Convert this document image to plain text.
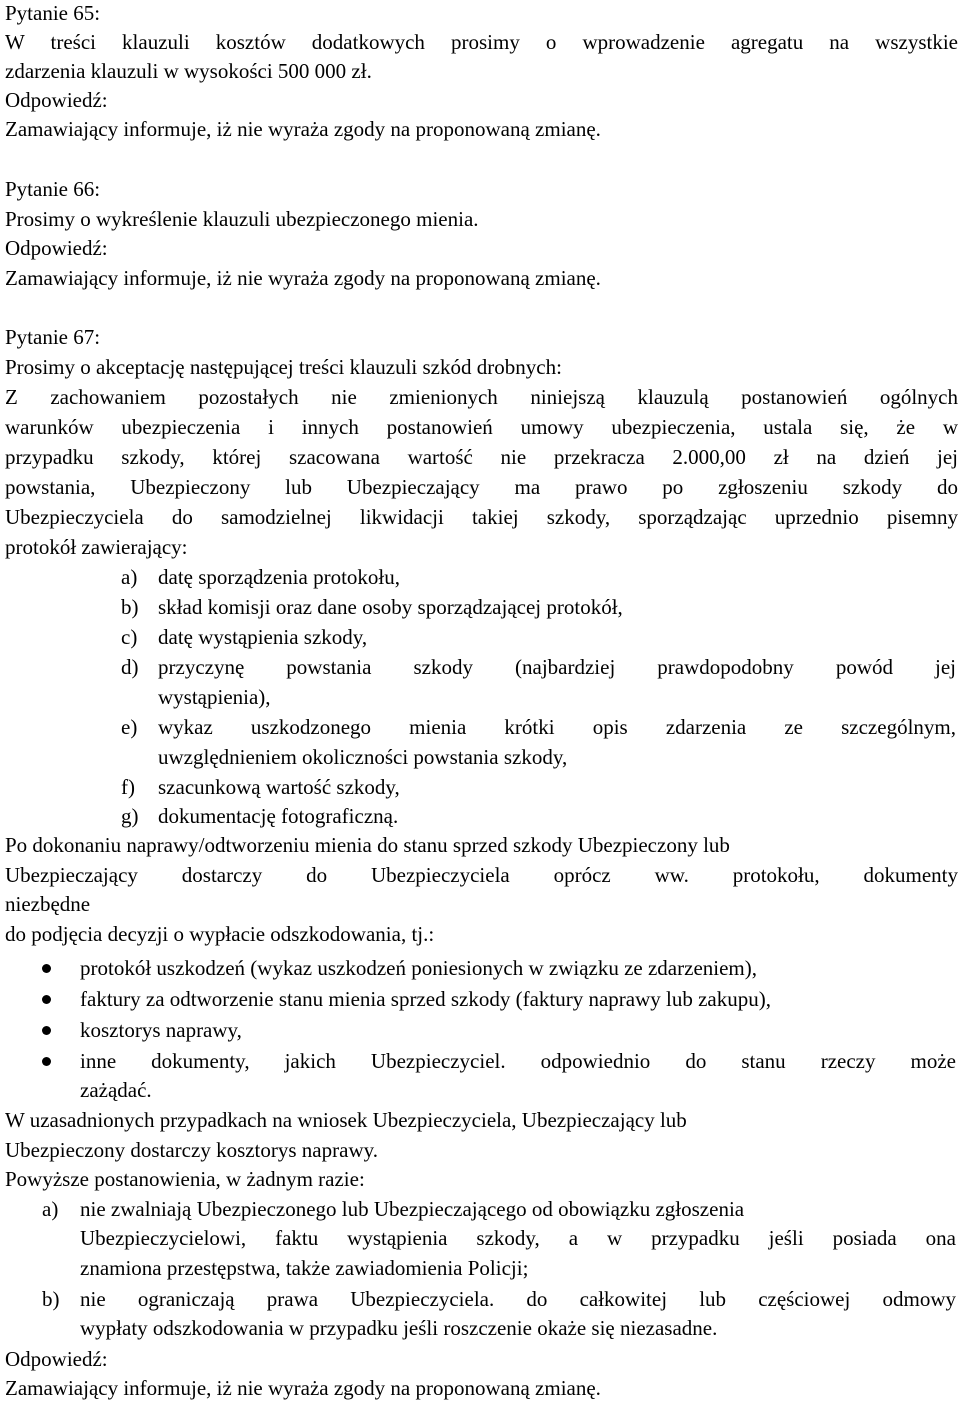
Pytanie 65:
W treści klauzuli kosztów dodatkowych prosimy o wprowadzenie agregatu na wszystkie
zdarzenia klauzuli w wysokości 500 000 zł.
Odpowiedź:
Zamawiający informuje, iż nie wyraża zgody na proponowaną zmianę.
Pytanie 66:
Prosimy o wykreślenie klauzuli ubezpieczonego mienia.
Odpowiedź:
Zamawiający informuje, iż nie wyraża zgody na proponowaną zmianę.
Pytanie 67:
Prosimy o akceptację następującej treści klauzuli szkód drobnych:
Z zachowaniem pozostałych nie zmienionych niniejszą klauzulą postanowień ogólnych
warunków ubezpieczenia i innych postanowień umowy ubezpieczenia, ustala się, że w
przypadku szkody, której szacowana wartość nie przekracza 2.000,00 zł na dzień jej
powstania, Ubezpieczony lub Ubezpieczający ma prawo po zgłoszeniu szkody do
Ubezpieczyciela do samodzielnej likwidacji takiej szkody, sporządzając uprzednio pisemny
protokół zawierający:
a) datę sporządzenia protokołu,
b) skład komisji oraz dane osoby sporządzającej protokół,
c) datę wystąpienia szkody,
d) przyczynę powstania szkody (najbardziej prawdopodobny powód jej
wystąpienia),
e) wykaz uszkodzonego mienia krótki opis zdarzenia ze szczególnym,
uwzględnieniem okoliczności powstania szkody,
f) szacunkową wartość szkody,
g) dokumentację fotograficzną.
Po dokonaniu naprawy/odtworzeniu mienia do stanu sprzed szkody Ubezpieczony lub
Ubezpieczający dostarczy do Ubezpieczyciela oprócz ww. protokołu, dokumenty
niezbędne
do podjęcia decyzji o wypłacie odszkodowania, tj.:
protokół uszkodzeń (wykaz uszkodzeń poniesionych w związku ze zdarzeniem),
faktury za odtworzenie stanu mienia sprzed szkody (faktury naprawy lub zakupu),
kosztorys naprawy,
inne dokumenty, jakich Ubezpieczyciel. odpowiednio do stanu rzeczy może
zażądać.
W uzasadnionych przypadkach na wniosek Ubezpieczyciela, Ubezpieczający lub
Ubezpieczony dostarczy kosztorys naprawy.
Powyższe postanowienia, w żadnym razie:
a) nie zwalniają Ubezpieczonego lub Ubezpieczającego od obowiązku zgłoszenia
Ubezpieczycielowi, faktu wystąpienia szkody, a w przypadku jeśli posiada ona
znamiona przestępstwa, także zawiadomienia Policji;
b) nie ograniczają prawa Ubezpieczyciela. do całkowitej lub częściowej odmowy
wypłaty odszkodowania w przypadku jeśli roszczenie okaże się niezasadne.
Odpowiedź:
Zamawiający informuje, iż nie wyraża zgody na proponowaną zmianę.
